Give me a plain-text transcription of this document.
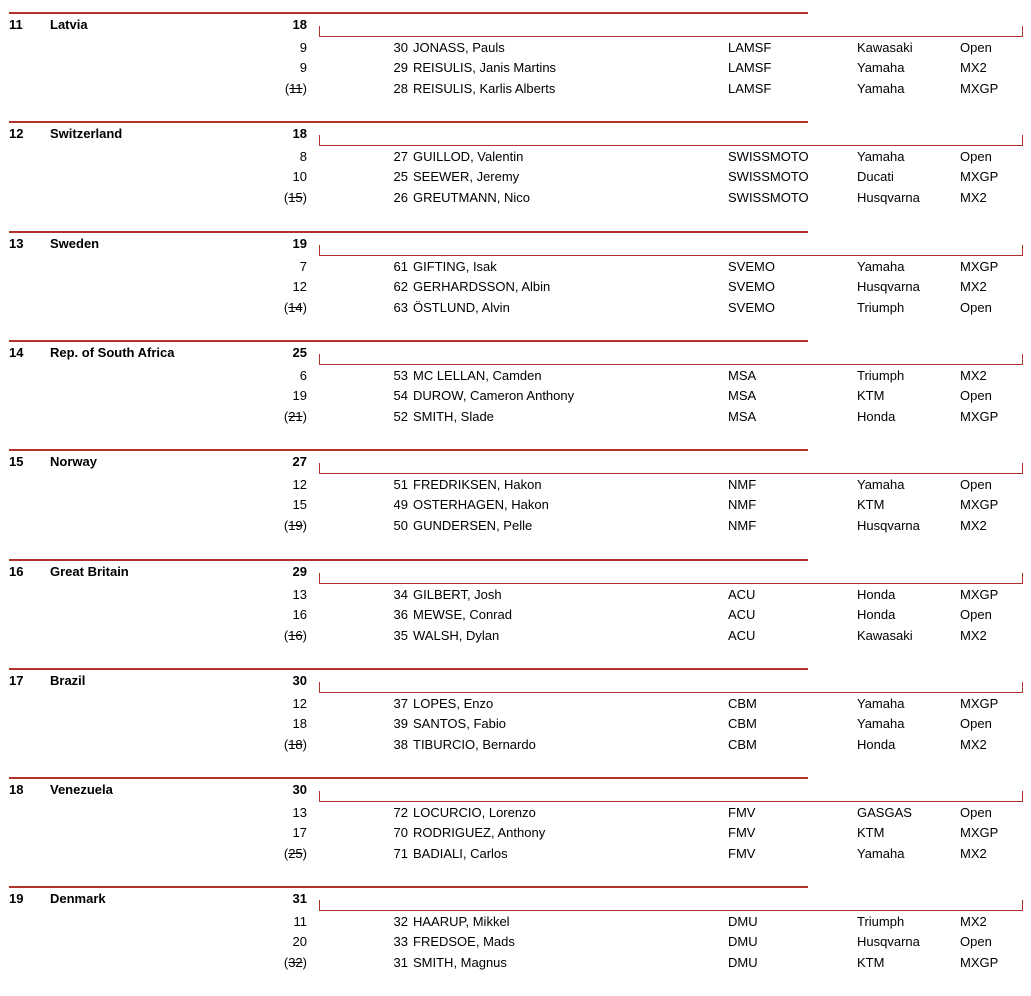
11 Latvia	18
9	30 JONASS, Pauls	LAMSF	Kawasaki	Open
9	29 REISULIS, Janis Martins	LAMSF	Yamaha	MX2
(11)	28 REISULIS, Karlis Alberts	LAMSF	Yamaha	MXGP
12 Switzerland	18
8	27 GUILLOD, Valentin	SWISSMOTO	Yamaha	Open
10	25 SEEWER, Jeremy	SWISSMOTO	Ducati	MXGP
(15)	26 GREUTMANN, Nico	SWISSMOTO	Husqvarna	MX2
13 Sweden	19
7	61 GIFTING, Isak	SVEMO	Yamaha	MXGP
12	62 GERHARDSSON, Albin	SVEMO	Husqvarna	MX2
(14)	63 ÖSTLUND, Alvin	SVEMO	Triumph	Open
14 Rep. of South Africa	25
6	53 MC LELLAN, Camden	MSA	Triumph	MX2
19	54 DUROW, Cameron Anthony	MSA	KTM	Open
(21)	52 SMITH, Slade	MSA	Honda	MXGP
15 Norway	27
12	51 FREDRIKSEN, Hakon	NMF	Yamaha	Open
15	49 OSTERHAGEN, Hakon	NMF	KTM	MXGP
(19)	50 GUNDERSEN, Pelle	NMF	Husqvarna	MX2
16 Great Britain	29
13	34 GILBERT, Josh	ACU	Honda	MXGP
16	36 MEWSE, Conrad	ACU	Honda	Open
(16)	35 WALSH, Dylan	ACU	Kawasaki	MX2
17 Brazil	30
12	37 LOPES, Enzo	CBM	Yamaha	MXGP
18	39 SANTOS, Fabio	CBM	Yamaha	Open
(18)	38 TIBURCIO, Bernardo	CBM	Honda	MX2
18 Venezuela	30
13	72 LOCURCIO, Lorenzo	FMV	GASGAS	Open
17	70 RODRIGUEZ, Anthony	FMV	KTM	MXGP
(25)	71 BADIALI, Carlos	FMV	Yamaha	MX2
19 Denmark	31
11	32 HAARUP, Mikkel	DMU	Triumph	MX2
20	33 FREDSOE, Mads	DMU	Husqvarna	Open
(32)	31 SMITH, Magnus	DMU	KTM	MXGP
